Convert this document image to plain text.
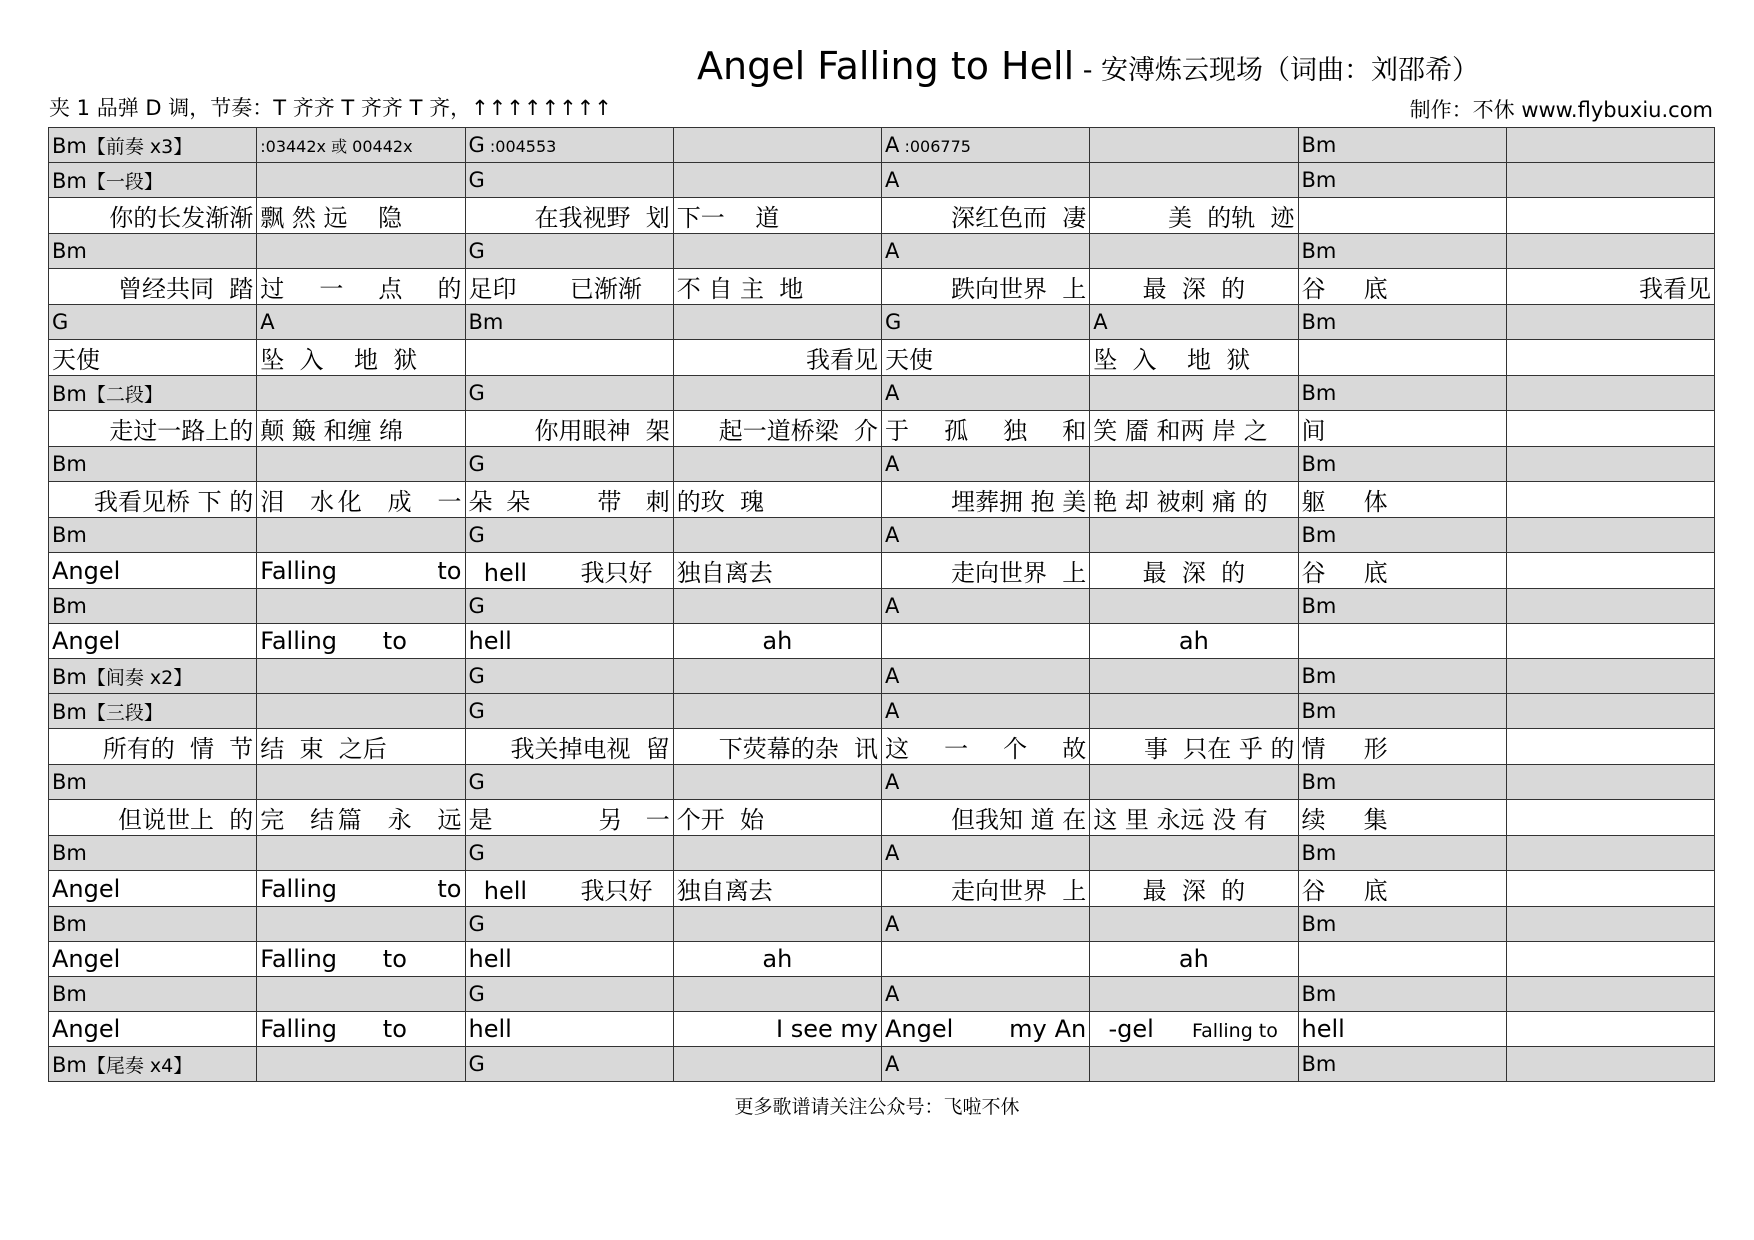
Angel Falling to Hell - 安溥炼云现场（词曲：刘邵希）
夹 1 品弹 D 调，节奏：T 齐齐 T 齐齐 T 齐，↑↑↑↑↑↑↑↑	制作：不休 www.flybuxiu.com
Bm【前奏 x3】	:03442x 或 00442x	G :004553		A :006775		Bm	
Bm【一段】		G		A		Bm	
你的长发渐渐	飘 然 远    隐	在我视野  划	下一    道	深红色而  凄	美  的轨  迹		
Bm		G		A		Bm	
曾经共同  踏	过  一  点  的	足印       已渐渐	不 自 主  地	跌向世界  上	最  深  的	谷     底	我看见
G	A	Bm		G	A	Bm	
天使	坠  入    地  狱		我看见	天使	坠  入    地  狱		
Bm【二段】		G		A		Bm	
走过一路上的	颠 簸 和缠 绵	你用眼神  架	起一道桥梁  介	于  孤  独  和	笑 靥 和两 岸 之	间	
Bm		G		A		Bm	
我看见桥 下 的	泪  水化  成  一	朵 朵      带  刺	的玫  瑰	埋葬拥 抱 美	艳 却 被刺 痛 的	躯     体	
Bm		G		A		Bm	
Angel	Falling        to	hell       我只好	独自离去	走向世界  上	最  深  的	谷     底	
Bm		G		A		Bm	
Angel	Falling      to	hell	ah		ah		
Bm【间奏 x2】		G		A		Bm	
Bm【三段】		G		A		Bm	
所有的  情  节	结  束  之后	我关掉电视  留	下荧幕的杂  讯	这  一  个  故	事  只在 乎 的	情     形	
Bm		G		A		Bm	
但说世上  的	完  结篇  永  远	是          另  一	个开  始	但我知 道 在	这 里 永远 没 有	续     集	
Bm		G		A		Bm	
Angel	Falling        to	hell       我只好	独自离去	走向世界  上	最  深  的	谷     底	
Bm		G		A		Bm	
Angel	Falling      to	hell	ah		ah		
Bm		G		A		Bm	
Angel	Falling      to	hell	I see my	Angel       my An	-gel     Falling to	hell	
Bm【尾奏 x4】		G		A		Bm	
更多歌谱请关注公众号：飞啦不休
